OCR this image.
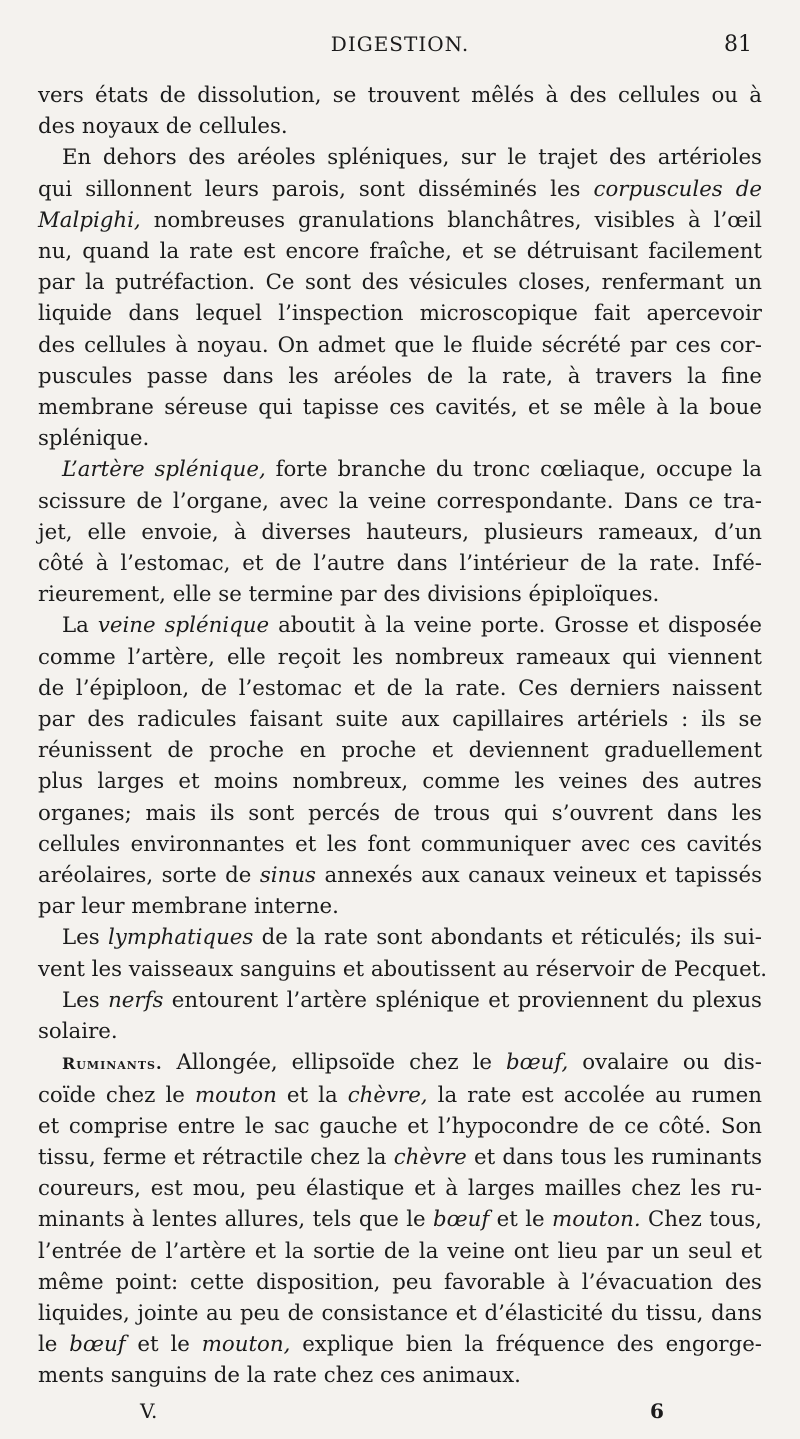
DIGESTION.	81
vers états de dissolution, se trouvent mêlés à des cellules ou à
des noyaux de cellules.
En dehors des aréoles spléniques, sur le trajet des artérioles
qui sillonnent leurs parois, sont disséminés les corpuscules de
Malpighi, nombreuses granulations blanchâtres, visibles à l’œil
nu, quand la rate est encore fraîche, et se détruisant facilement
par la putréfaction. Ce sont des vésicules closes, renfermant un
liquide dans lequel l’inspection microscopique fait apercevoir
des cellules à noyau. On admet que le fluide sécrété par ces cor-
puscules passe dans les aréoles de la rate, à travers la fine
membrane séreuse qui tapisse ces cavités, et se mêle à la boue
splénique.
L’artère splénique, forte branche du tronc cœliaque, occupe la
scissure de l’organe, avec la veine correspondante. Dans ce tra-
jet, elle envoie, à diverses hauteurs, plusieurs rameaux, d’un
côté à l’estomac, et de l’autre dans l’intérieur de la rate. Infé-
rieurement, elle se termine par des divisions épiploïques.
La veine splénique aboutit à la veine porte. Grosse et disposée
comme l’artère, elle reçoit les nombreux rameaux qui viennent
de l’épiploon, de l’estomac et de la rate. Ces derniers naissent
par des radicules faisant suite aux capillaires artériels : ils se
réunissent de proche en proche et deviennent graduellement
plus larges et moins nombreux, comme les veines des autres
organes; mais ils sont percés de trous qui s’ouvrent dans les
cellules environnantes et les font communiquer avec ces cavités
aréolaires, sorte de sinus annexés aux canaux veineux et tapissés
par leur membrane interne.
Les lymphatiques de la rate sont abondants et réticulés; ils sui-
vent les vaisseaux sanguins et aboutissent au réservoir de Pecquet.
Les nerfs entourent l’artère splénique et proviennent du plexus
solaire.
Ruminants. Allongée, ellipsoïde chez le bœuf, ovalaire ou dis-
coïde chez le mouton et la chèvre, la rate est accolée au rumen
et comprise entre le sac gauche et l’hypocondre de ce côté. Son
tissu, ferme et rétractile chez la chèvre et dans tous les ruminants
coureurs, est mou, peu élastique et à larges mailles chez les ru-
minants à lentes allures, tels que le bœuf et le mouton. Chez tous,
l’entrée de l’artère et la sortie de la veine ont lieu par un seul et
même point: cette disposition, peu favorable à l’évacuation des
liquides, jointe au peu de consistance et d’élasticité du tissu, dans
le bœuf et le mouton, explique bien la fréquence des engorge-
ments sanguins de la rate chez ces animaux.
V.	6
